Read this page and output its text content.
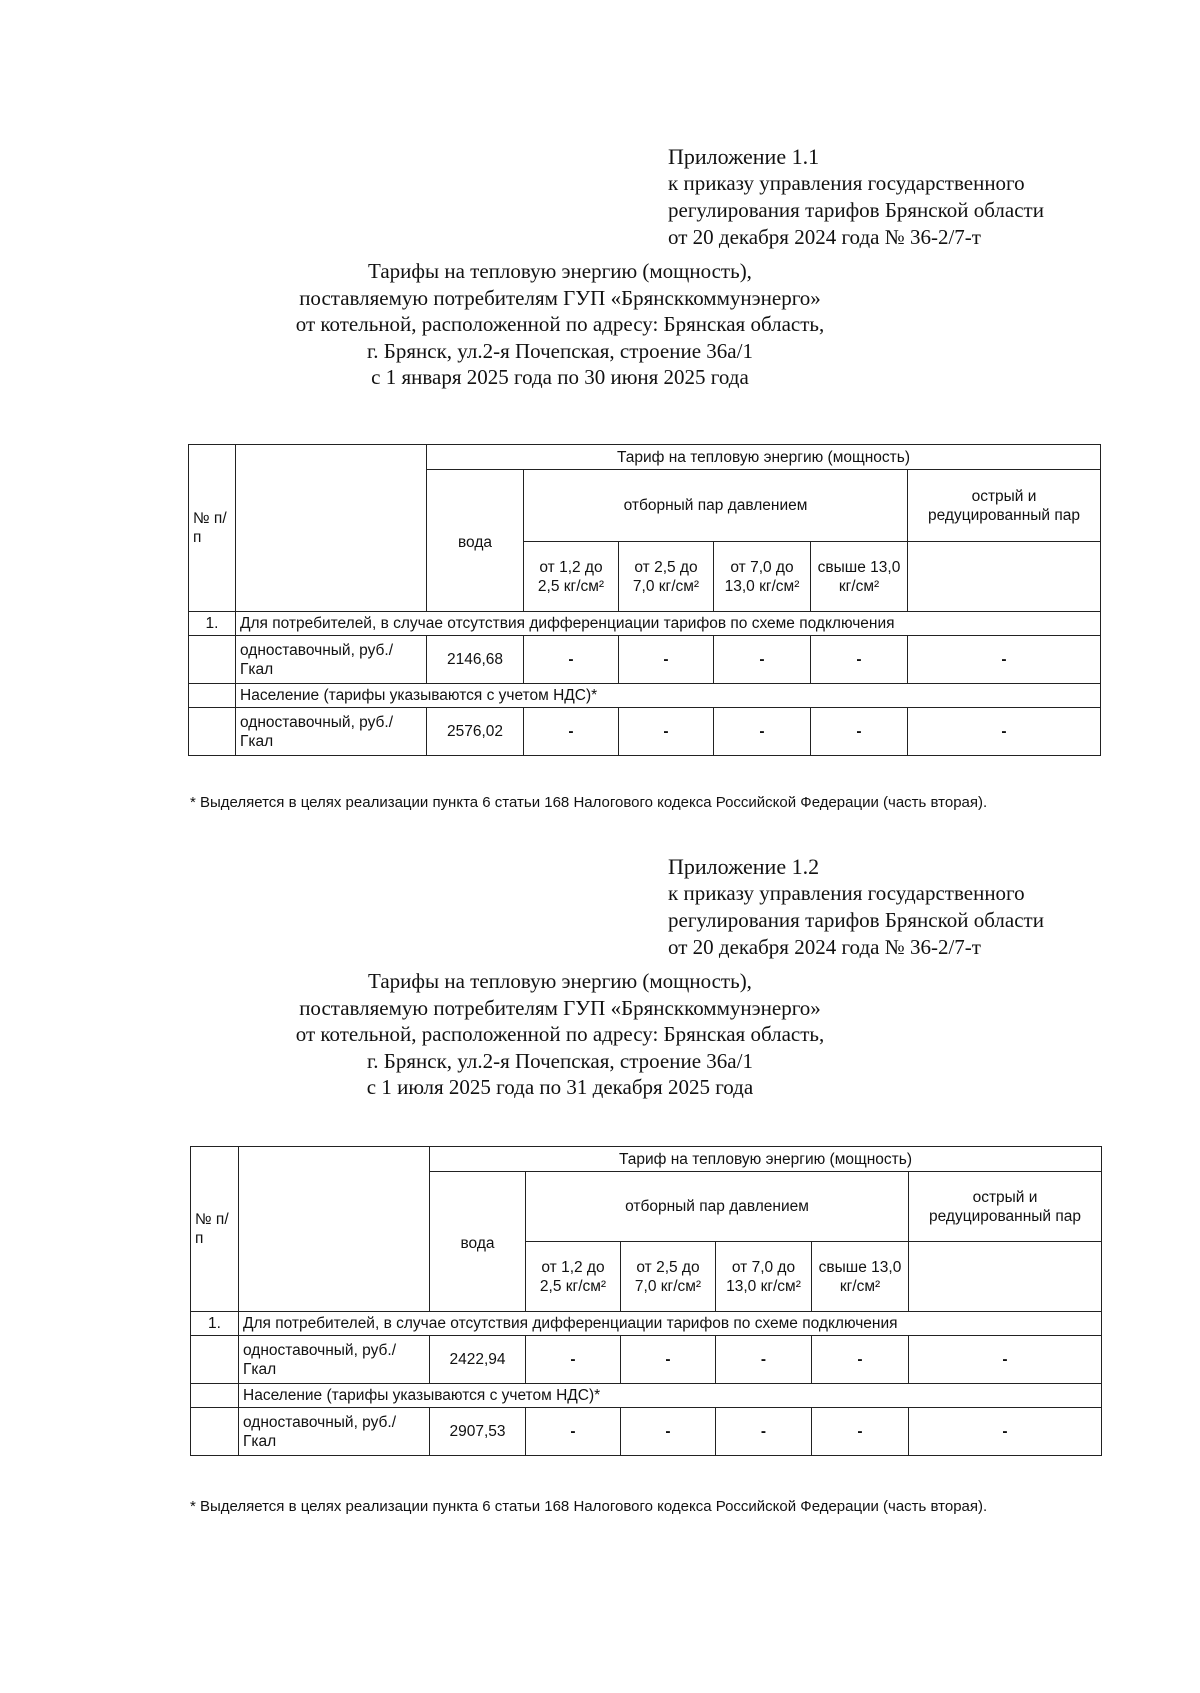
Приложение 1.1
к приказу управления государственного
регулирования тарифов Брянской области
от 20 декабря 2024 года № 36-2/7-т
Тарифы на тепловую энергию (мощность),
поставляемую потребителям ГУП «Брянсккоммунэнерго»
от котельной, расположенной по адресу: Брянская область,
г. Брянск, ул.2-я Почепская, строение 36а/1
с 1 января 2025 года по 30 июня 2025 года
№ п/п		Тариф на тепловую энергию (мощность)					
		вода	отборный пар давлением				острый и редуцированный пар
			от 1,2 до 2,5 кг/см²	от 2,5 до 7,0 кг/см²	от 7,0 до 13,0 кг/см²	свыше 13,0 кг/см²	
1.	Для потребителей, в случае отсутствия дифференциации тарифов по схеме подключения						
	одноставочный, руб./Гкал	2146,68	-	-	-	-	-
	Население (тарифы указываются с учетом НДС)*						
	одноставочный, руб./Гкал	2576,02	-	-	-	-	-
* Выделяется в целях реализации пункта 6 статьи 168 Налогового кодекса Российской Федерации (часть вторая).
Приложение 1.2
к приказу управления государственного
регулирования тарифов Брянской области
от 20 декабря 2024 года № 36-2/7-т
Тарифы на тепловую энергию (мощность),
поставляемую потребителям ГУП «Брянсккоммунэнерго»
от котельной, расположенной по адресу: Брянская область,
г. Брянск, ул.2-я Почепская, строение 36а/1
с 1 июля 2025 года по 31 декабря 2025 года
№ п/п		Тариф на тепловую энергию (мощность)					
		вода	отборный пар давлением				острый и редуцированный пар
			от 1,2 до 2,5 кг/см²	от 2,5 до 7,0 кг/см²	от 7,0 до 13,0 кг/см²	свыше 13,0 кг/см²	
1.	Для потребителей, в случае отсутствия дифференциации тарифов по схеме подключения						
	одноставочный, руб./Гкал	2422,94	-	-	-	-	-
	Население (тарифы указываются с учетом НДС)*						
	одноставочный, руб./Гкал	2907,53	-	-	-	-	-
* Выделяется в целях реализации пункта 6 статьи 168 Налогового кодекса Российской Федерации (часть вторая).
